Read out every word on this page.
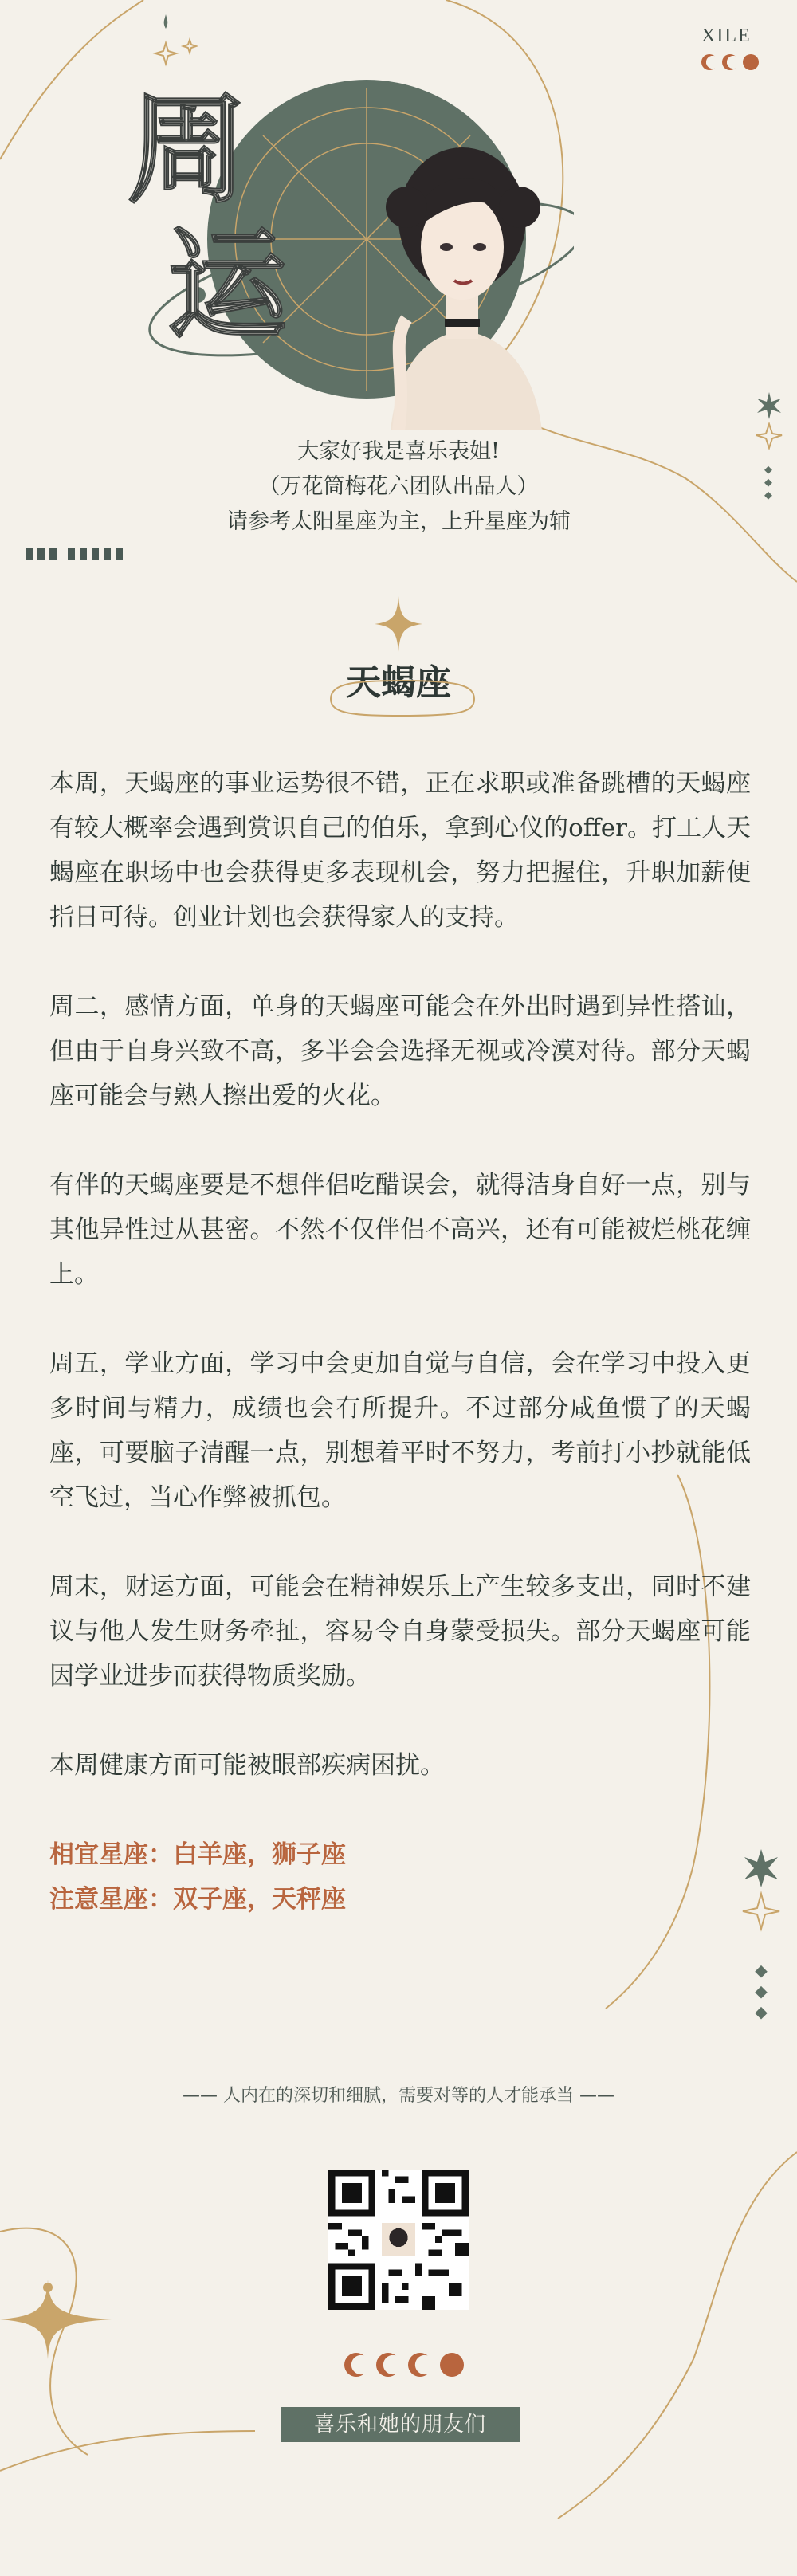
XILE
周
运
大家好我是喜乐表姐!
（万花筒梅花六团队出品人）
请参考太阳星座为主，上升星座为辅
天蝎座

本周，天蝎座的事业运势很不错，正在求职或准备跳槽的天蝎座有较大概率会遇到赏识自己的伯乐，拿到心仪的offer。打工人天蝎座在职场中也会获得更多表现机会，努力把握住，升职加薪便指日可待。创业计划也会获得家人的支持。

周二，感情方面，单身的天蝎座可能会在外出时遇到异性搭讪，但由于自身兴致不高，多半会会选择无视或冷漠对待。部分天蝎座可能会与熟人擦出爱的火花。

有伴的天蝎座要是不想伴侣吃醋误会，就得洁身自好一点，别与其他异性过从甚密。不然不仅伴侣不高兴，还有可能被烂桃花缠上。

周五，学业方面，学习中会更加自觉与自信，会在学习中投入更多时间与精力，成绩也会有所提升。不过部分咸鱼惯了的天蝎座，可要脑子清醒一点，别想着平时不努力，考前打小抄就能低空飞过，当心作弊被抓包。

周末，财运方面，可能会在精神娱乐上产生较多支出，同时不建议与他人发生财务牵扯，容易令自身蒙受损失。部分天蝎座可能因学业进步而获得物质奖励。

本周健康方面可能被眼部疾病困扰。

相宜星座：白羊座，狮子座
注意星座：双子座，天秤座
—— 人内在的深切和细腻，需要对等的人才能承当 ——
喜乐和她的朋友们
